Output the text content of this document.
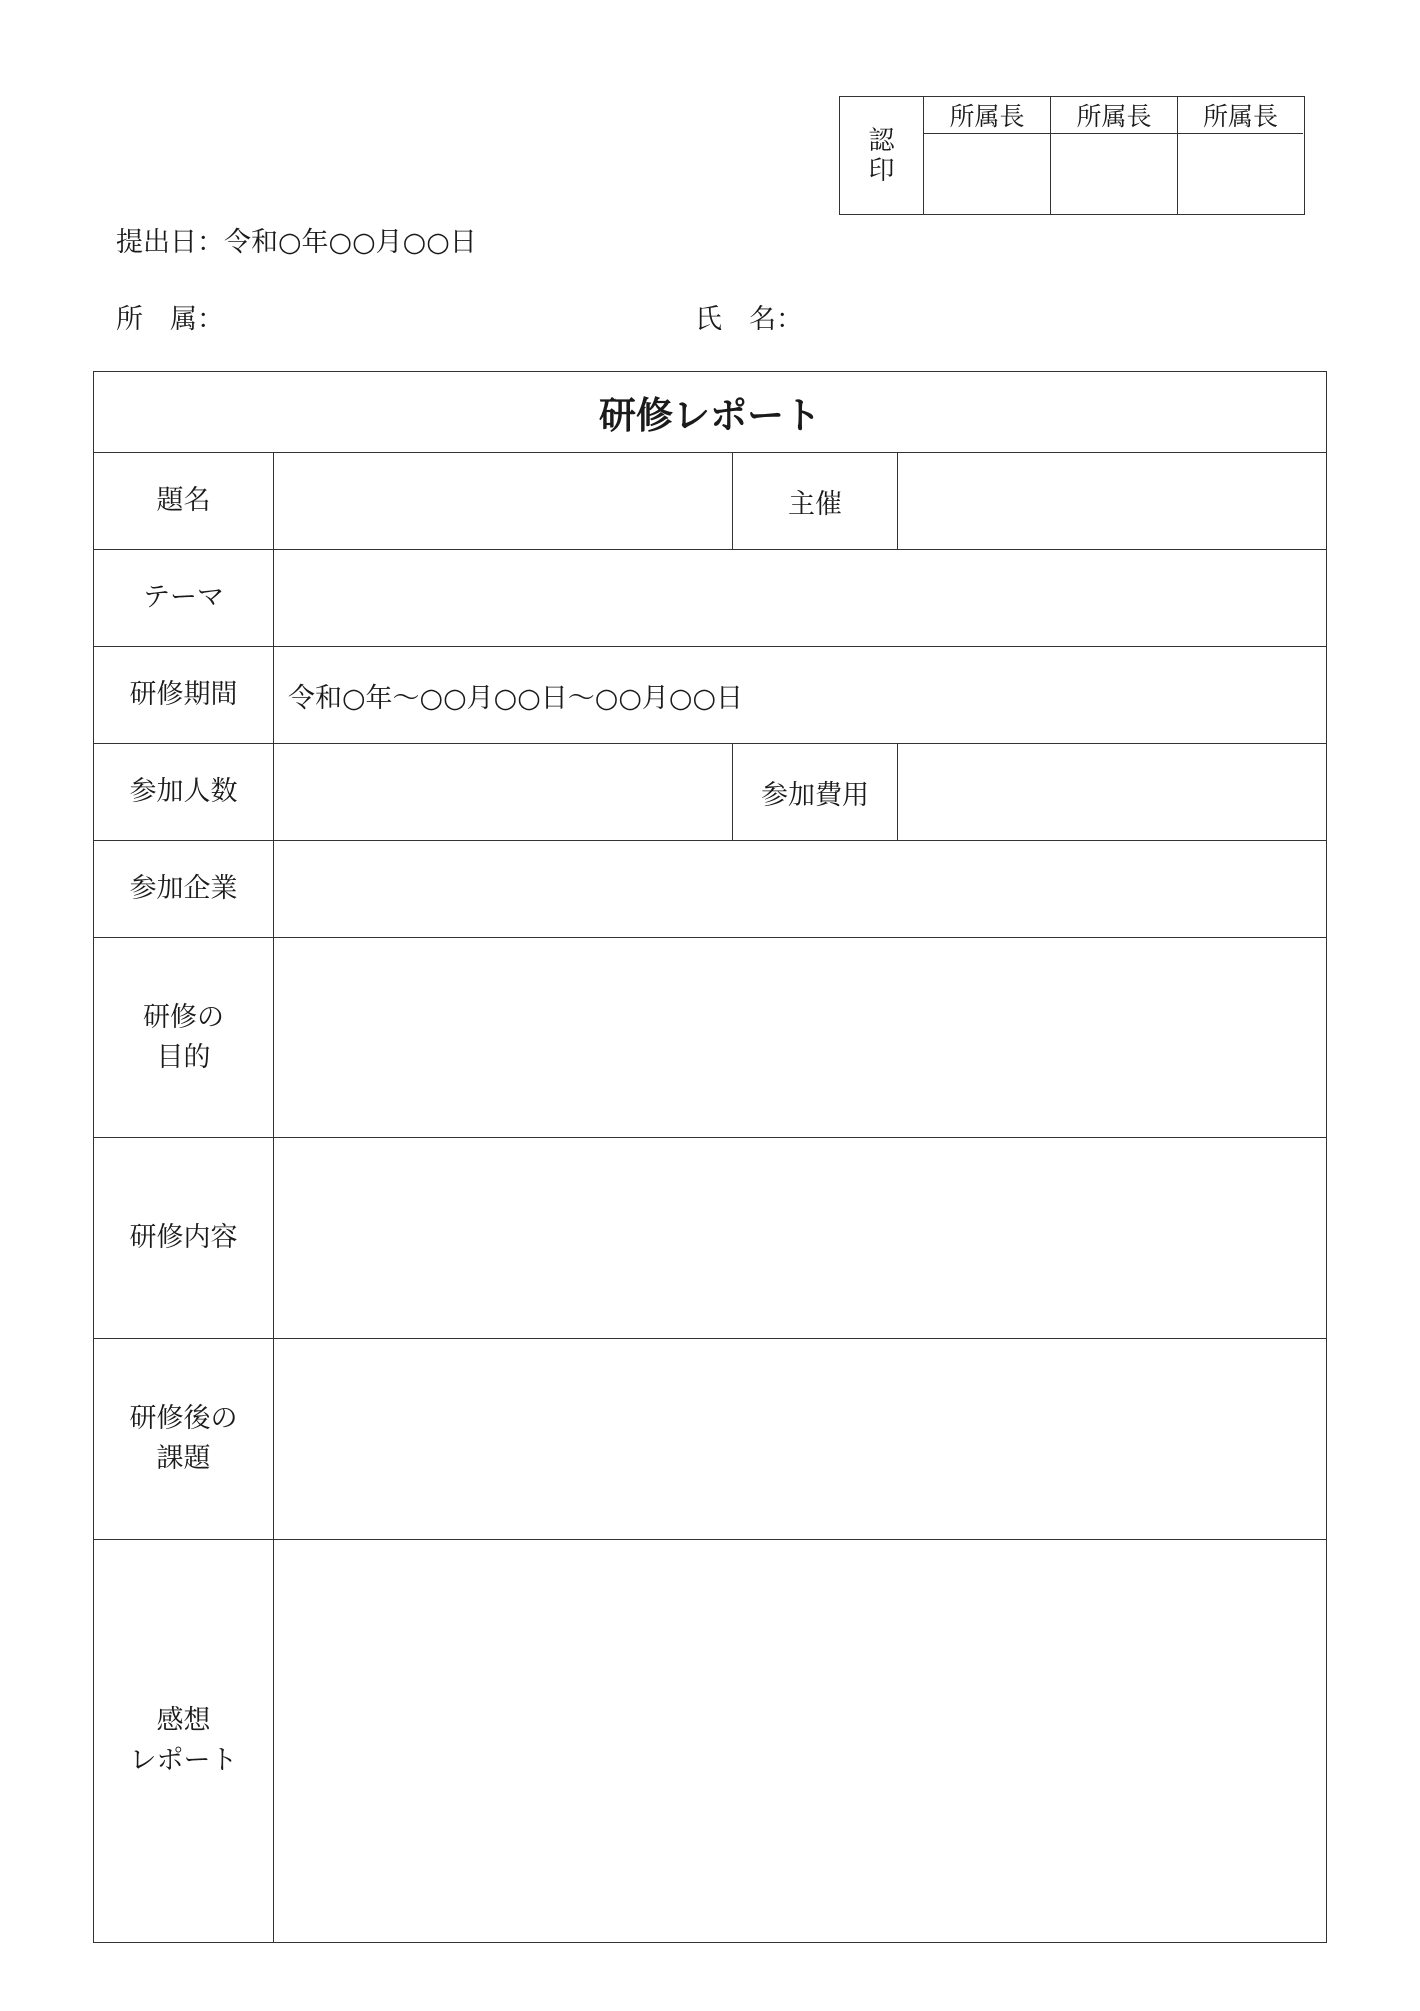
認
印
所属長	所属長	所属長
提出日：令和○年○○月○○日
所　属：	氏　名：
研修レポート
題名	主催
テーマ
研修期間	令和○年～○○月○○日～○○月○○日
参加人数	参加費用
参加企業
研修の
目的
研修内容
研修後の
課題
感想
レポート
